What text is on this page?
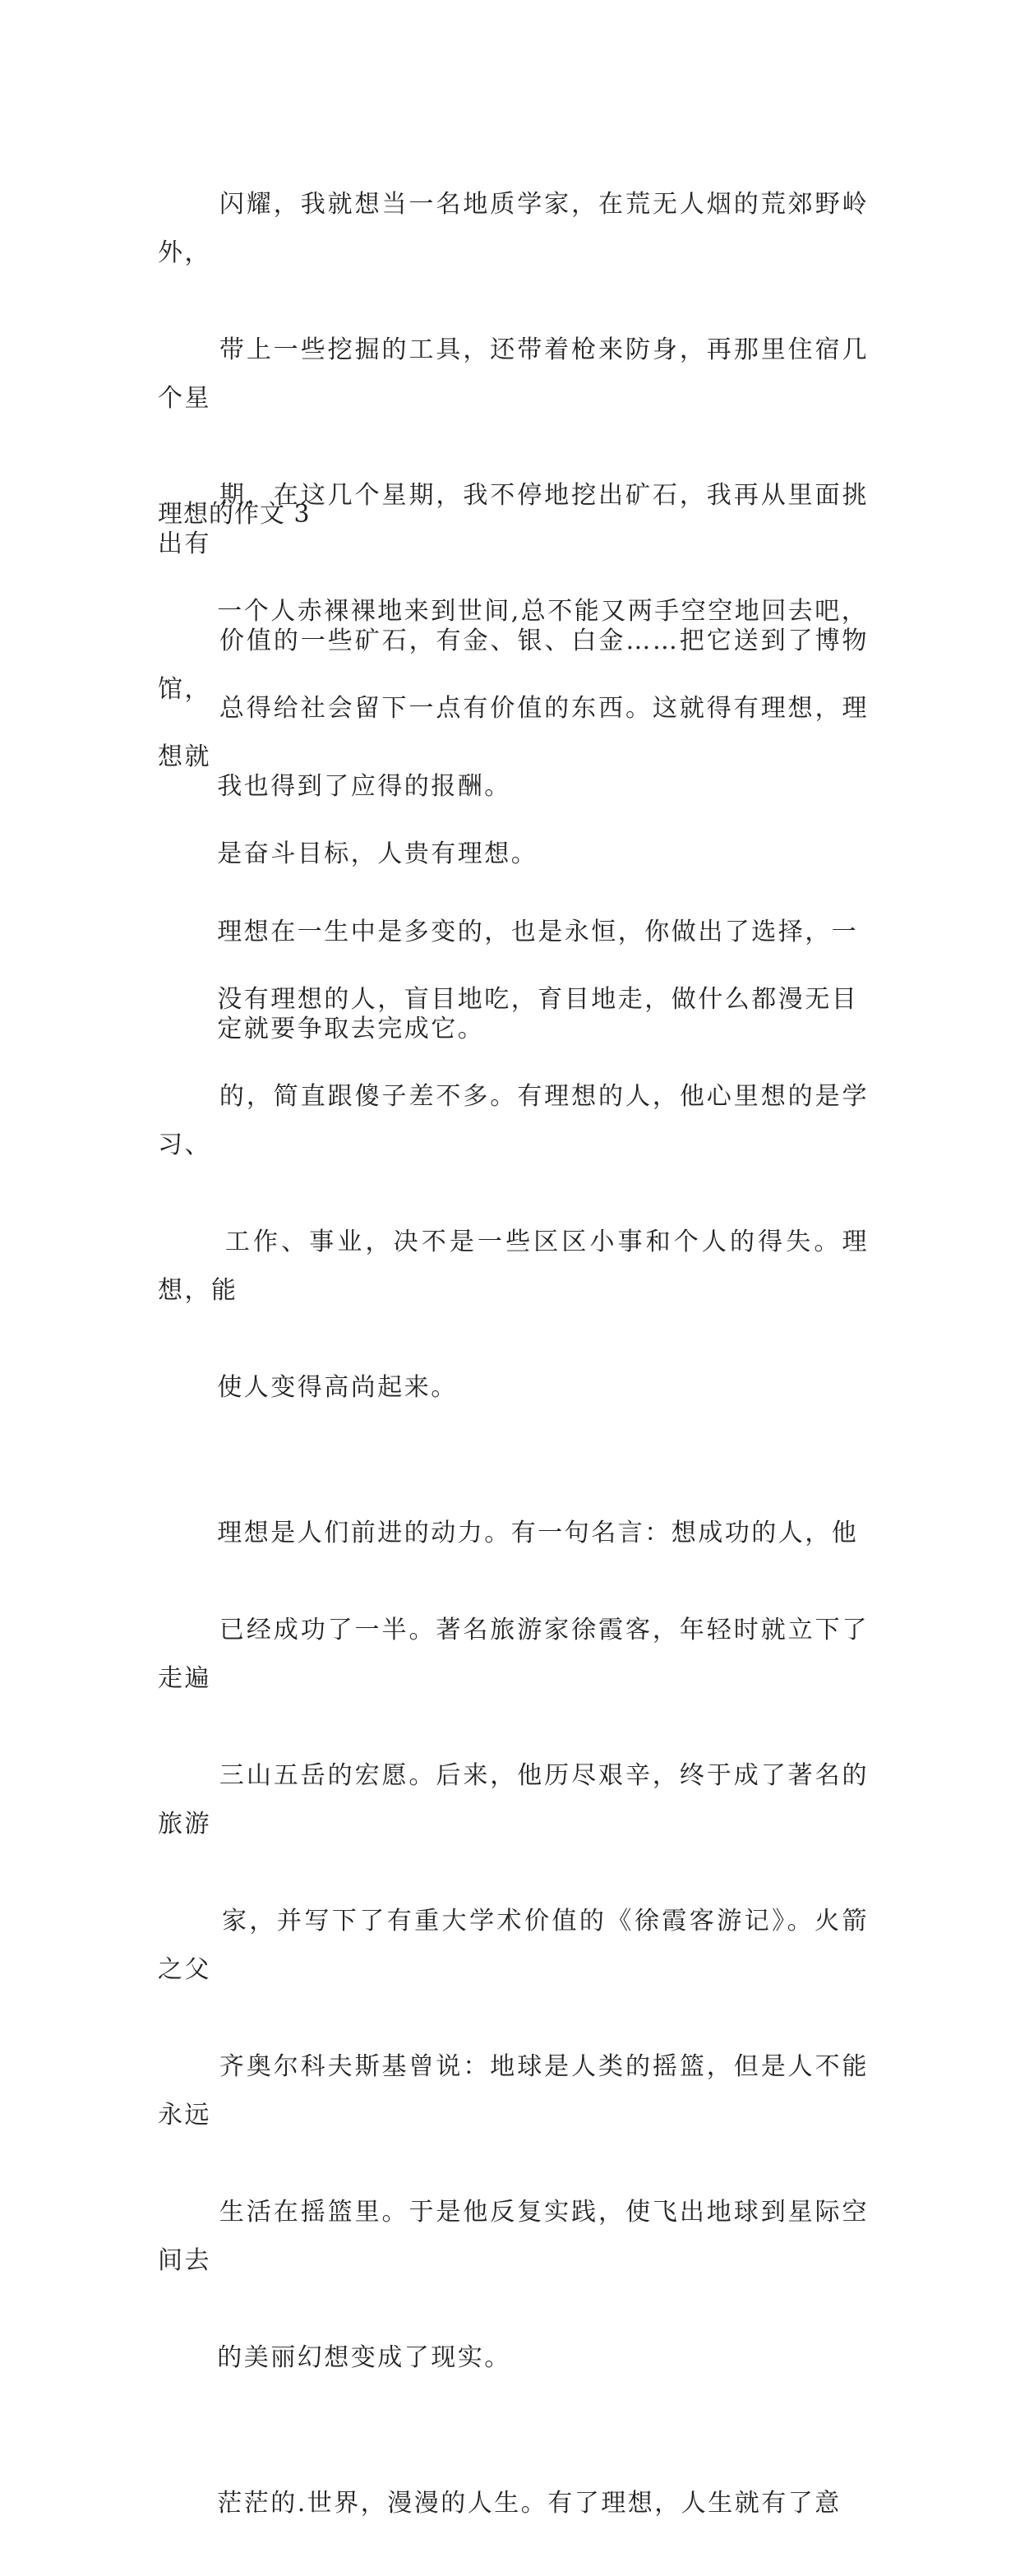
闪耀，我就想当一名地质学家，在荒无人烟的荒郊野岭外，

带上一些挖掘的工具，还带着枪来防身，再那里住宿几个星

期，在这几个星期，我不停地挖出矿石，我再从里面挑出有

价值的一些矿石，有金、银、白金……把它送到了博物馆，

我也得到了应得的报酬。

理想在一生中是多变的，也是永恒，你做出了选择，一

定就要争取去完成它。

理想的作文 3

一个人赤裸裸地来到世间,总不能又两手空空地回去吧，

总得给社会留下一点有价值的东西。这就得有理想，理想就

是奋斗目标，人贵有理想。

没有理想的人，盲目地吃，育目地走，做什么都漫无目

的，简直跟傻子差不多。有理想的人，他心里想的是学习、

工作、事业，决不是一些区区小事和个人的得失。理想，能

使人变得高尚起来。

理想是人们前进的动力。有一句名言：想成功的人，他

已经成功了一半。著名旅游家徐霞客，年轻时就立下了走遍

三山五岳的宏愿。后来，他历尽艰辛，终于成了著名的旅游

家，并写下了有重大学术价值的《徐霞客游记》。火箭之父

齐奥尔科夫斯基曾说：地球是人类的摇篮，但是人不能永远

生活在摇篮里。于是他反复实践，使飞出地球到星际空间去

的美丽幻想变成了现实。

茫茫的.世界，漫漫的人生。有了理想，人生就有了意
